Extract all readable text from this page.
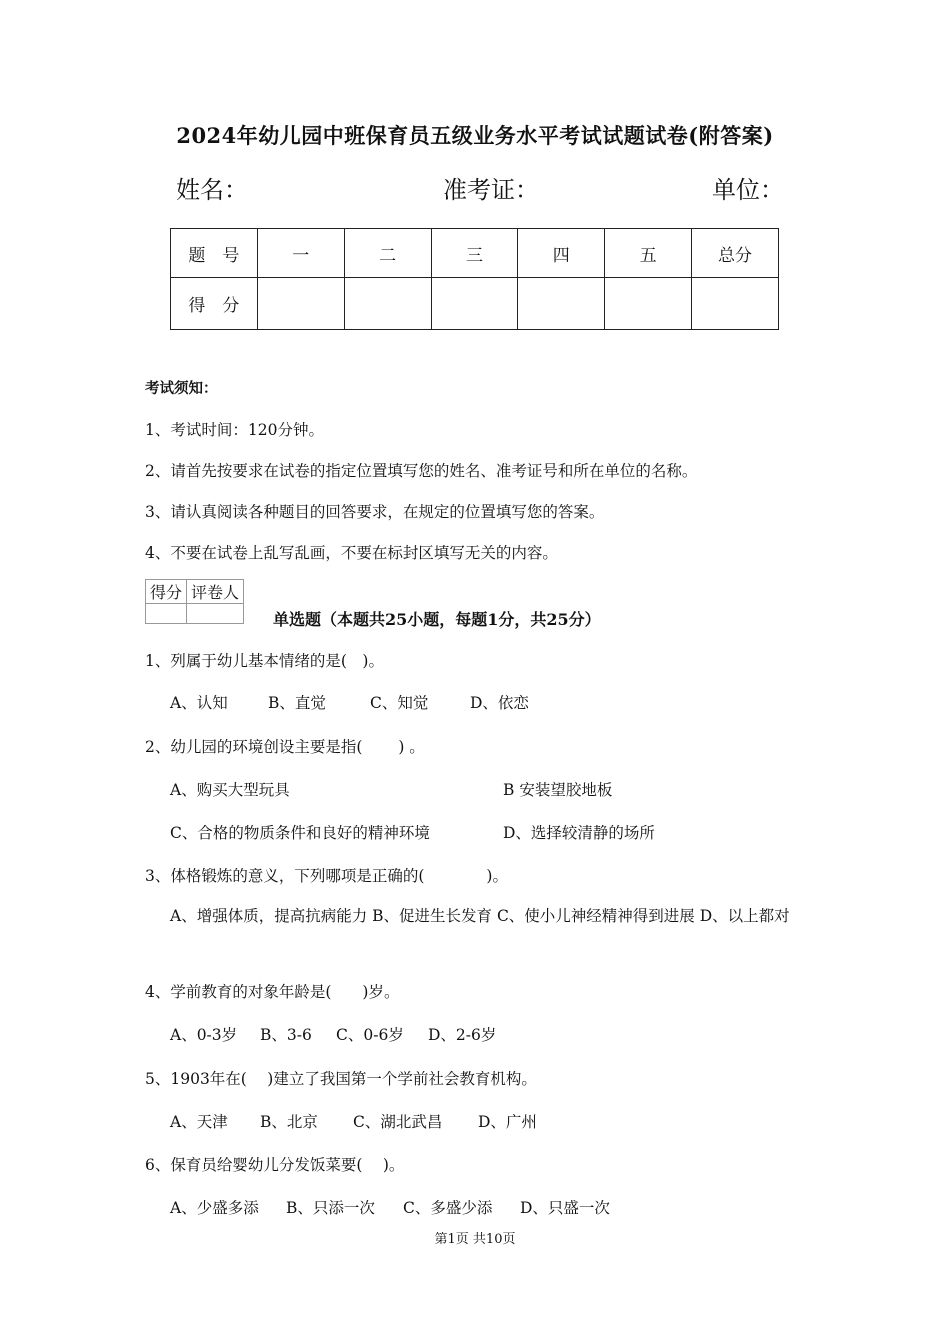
2024年幼儿园中班保育员五级业务水平考试试题试卷(附答案)
姓名：	准考证：	单位：
题　号	一	二	三	四	五	总分
得　分						
考试须知：
1、考试时间：120分钟。
2、请首先按要求在试卷的指定位置填写您的姓名、准考证号和所在单位的名称。
3、请认真阅读各种题目的回答要求，在规定的位置填写您的答案。
4、不要在试卷上乱写乱画，不要在标封区填写无关的内容。
得分	评卷人

单选题（本题共25小题，每题1分，共25分）
1、列属于幼儿基本情绪的是(　)。
A、认知	B、直觉	C、知觉	D、依恋
2、幼儿园的环境创设主要是指(　　 ) 。
A、购买大型玩具	B 安装望胶地板
C、合格的物质条件和良好的精神环境	D、选择较清静的场所
3、体格锻炼的意义，下列哪项是正确的(　　　　)。
A、增强体质，提高抗病能力 B、促进生长发育 C、使小儿神经精神得到进展 D、以上都对
4、学前教育的对象年龄是(　　)岁。
A、0-3岁 B、3-6 C、0-6岁 D、2-6岁
5、1903年在(　 )建立了我国第一个学前社会教育机构。
A、天津 B、北京 C、湖北武昌 D、广州
6、保育员给婴幼儿分发饭菜要(　 )。
A、少盛多添 B、只添一次 C、多盛少添 D、只盛一次
第1页 共10页
